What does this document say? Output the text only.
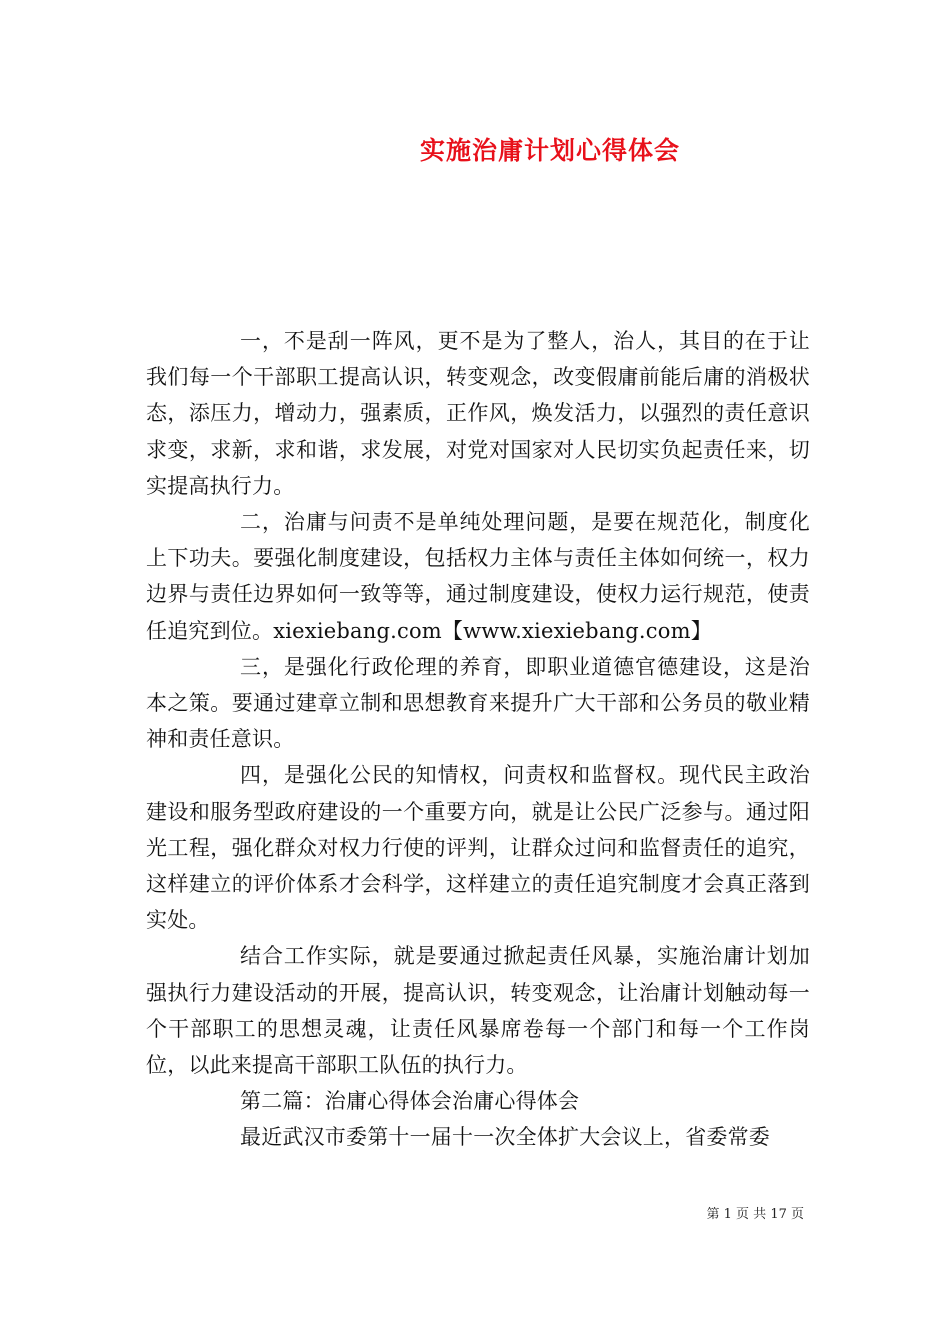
实施治庸计划心得体会

一，不是刮一阵风，更不是为了整人，治人，其目的在于让我们每一个干部职工提高认识，转变观念，改变假庸前能后庸的消极状态，添压力，增动力，强素质，正作风，焕发活力，以强烈的责任意识求变，求新，求和谐，求发展，对党对国家对人民切实负起责任来，切实提高执行力。

二，治庸与问责不是单纯处理问题，是要在规范化，制度化上下功夫。要强化制度建设，包括权力主体与责任主体如何统一，权力边界与责任边界如何一致等等，通过制度建设，使权力运行规范，使责任追究到位。xiexiebang.com【www.xiexiebang.com】

三，是强化行政伦理的养育，即职业道德官德建设，这是治本之策。要通过建章立制和思想教育来提升广大干部和公务员的敬业精神和责任意识。

四，是强化公民的知情权，问责权和监督权。现代民主政治建设和服务型政府建设的一个重要方向，就是让公民广泛参与。通过阳光工程，强化群众对权力行使的评判，让群众过问和监督责任的追究，这样建立的评价体系才会科学，这样建立的责任追究制度才会真正落到实处。

结合工作实际，就是要通过掀起责任风暴，实施治庸计划加强执行力建设活动的开展，提高认识，转变观念，让治庸计划触动每一个干部职工的思想灵魂，让责任风暴席卷每一个部门和每一个工作岗位，以此来提高干部职工队伍的执行力。

第二篇：治庸心得体会治庸心得体会

最近武汉市委第十一届十一次全体扩大会议上，省委常委

第 1 页 共 17 页
